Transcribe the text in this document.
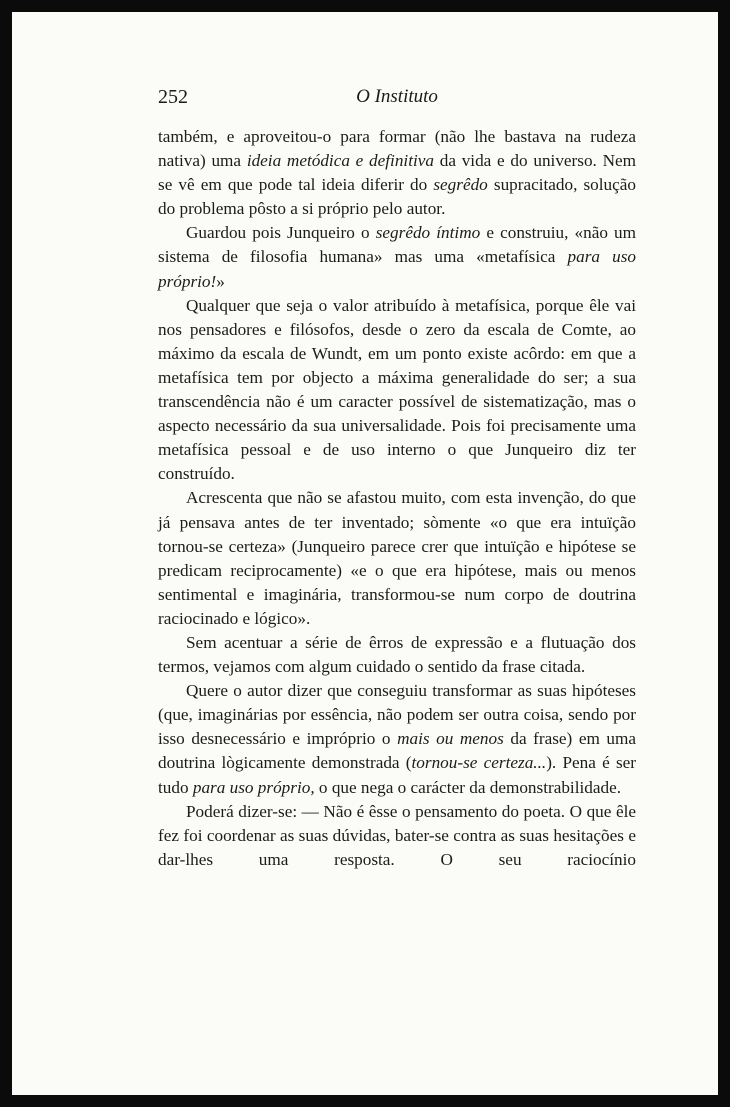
252	O Instituto

também, e aproveitou-o para formar (não lhe bastava na rudeza nativa) uma ideia metódica e definitiva da vida e do universo. Nem se vê em que pode tal ideia diferir do segrêdo supracitado, solução do problema pôsto a si próprio pelo autor.

Guardou pois Junqueiro o segrêdo íntimo e construiu, «não um sistema de filosofia humana» mas uma «metafísica para uso próprio!»

Qualquer que seja o valor atribuído à metafísica, porque êle vai nos pensadores e filósofos, desde o zero da escala de Comte, ao máximo da escala de Wundt, em um ponto existe acôrdo: em que a metafísica tem por objecto a máxima generalidade do ser; a sua transcendência não é um caracter possível de sistematização, mas o aspecto necessário da sua universalidade. Pois foi precisamente uma metafísica pessoal e de uso interno o que Junqueiro diz ter construído.

Acrescenta que não se afastou muito, com esta invenção, do que já pensava antes de ter inventado; sòmente «o que era intuïção tornou-se certeza» (Junqueiro parece crer que intuïção e hipótese se predicam reciprocamente) «e o que era hipótese, mais ou menos sentimental e imaginária, transformou-se num corpo de doutrina raciocinado e lógico».

Sem acentuar a série de êrros de expressão e a flutuação dos termos, vejamos com algum cuidado o sentido da frase citada.

Quere o autor dizer que conseguiu transformar as suas hipóteses (que, imaginárias por essência, não podem ser outra coisa, sendo por isso desnecessário e impróprio o mais ou menos da frase) em uma doutrina lògicamente demonstrada (tornou-se certeza...). Pena é ser tudo para uso próprio, o que nega o carácter da demonstrabilidade.

Poderá dizer-se: — Não é êsse o pensamento do poeta. O que êle fez foi coordenar as suas dúvidas, bater-se contra as suas hesitações e dar-lhes uma resposta. O seu raciocínio
